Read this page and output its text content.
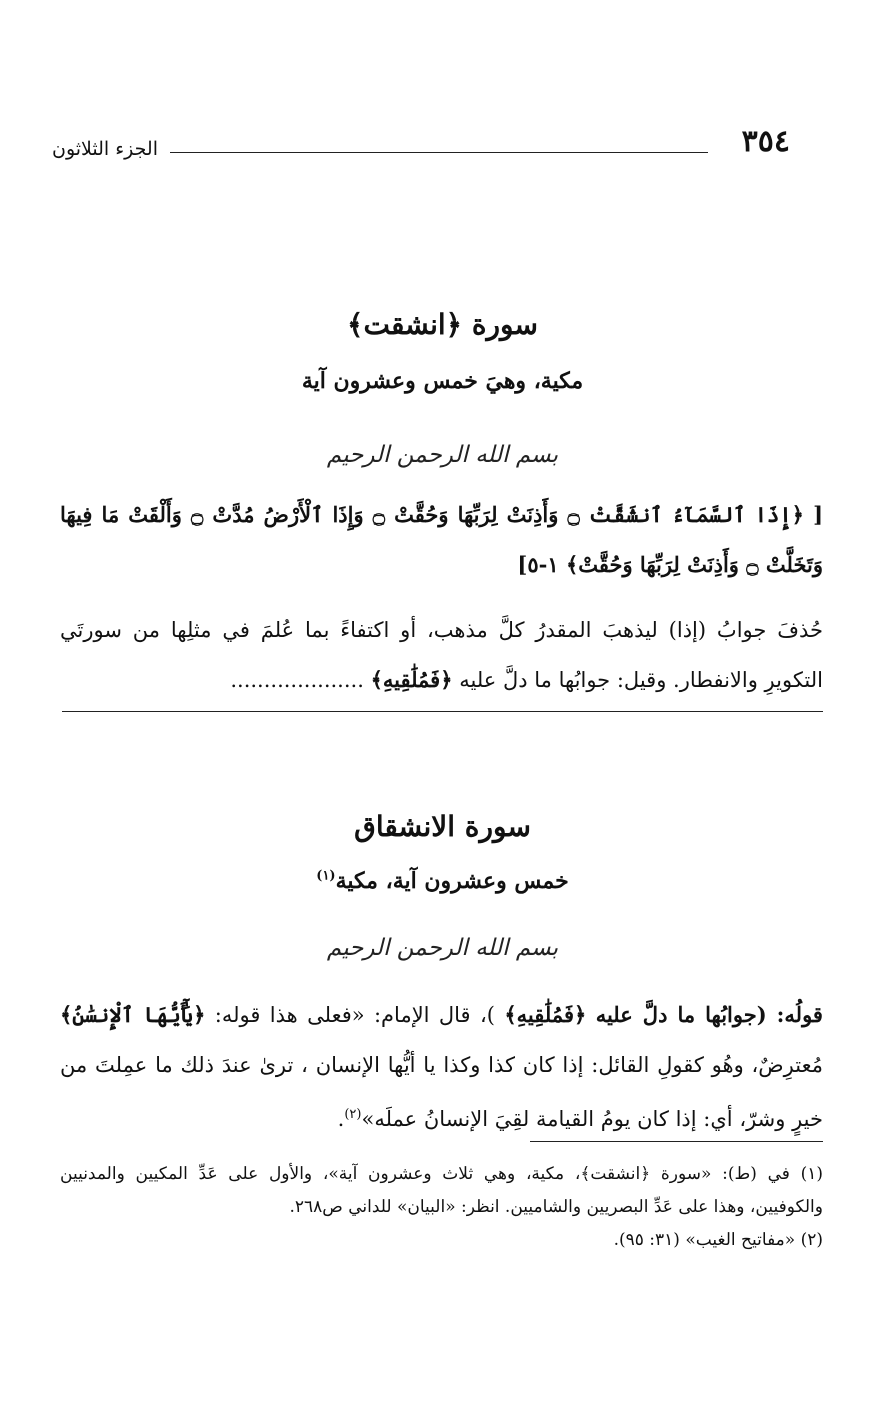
٣٥٤
الجزء الثلاثون
سورة ﴿انشقت﴾
مكية، وهيَ خمس وعشرون آية
بسم الله الرحمن الرحيم
[ ﴿إِذَا ٱلسَّمَآءُ ٱنشَقَّتْ ۝ وَأَذِنَتْ لِرَبِّهَا وَحُقَّتْ ۝ وَإِذَا ٱلْأَرْضُ مُدَّتْ ۝ وَأَلْقَتْ مَا فِيهَا وَتَخَلَّتْ ۝ وَأَذِنَتْ لِرَبِّهَا وَحُقَّتْ﴾ ١-٥]
حُذفَ جوابُ (إذا) ليذهبَ المقدرُ كلَّ مذهب، أو اكتفاءً بما عُلمَ في مثلِها من سورتَي التكويرِ والانفطار. وقيل: جوابُها ما دلَّ عليه ﴿فَمُلَٰقِيهِ﴾ ....................
سورة الانشقاق
خمس وعشرون آية، مكية$^{(١)}$
بسم الله الرحمن الرحيم
قولُه: (جوابُها ما دلَّ عليه ﴿فَمُلَٰقِيهِ﴾ )، قال الإمام: «فعلى هذا قوله: ﴿يَٰٓأَيُّهَا ٱلْإِنسَٰنُ﴾ مُعترِضٌ، وهُو كقولِ القائل: إذا كان كذا وكذا يا أيُّها الإنسان ، ترىٰ عندَ ذلك ما عمِلتَ من خيرٍ وشرّ، أي: إذا كان يومُ القيامة لقِيَ الإنسانُ عملَه»$^{(٢)}$.
(١) في (ط): «سورة ﴿انشقت﴾، مكية، وهي ثلاث وعشرون آية»، والأول على عَدِّ المكيين والمدنيين والكوفيين، وهذا على عَدِّ البصريين والشاميين. انظر: «البيان» للداني ص٢٦٨.
(٢) «مفاتيح الغيب» (٣١: ٩٥).
